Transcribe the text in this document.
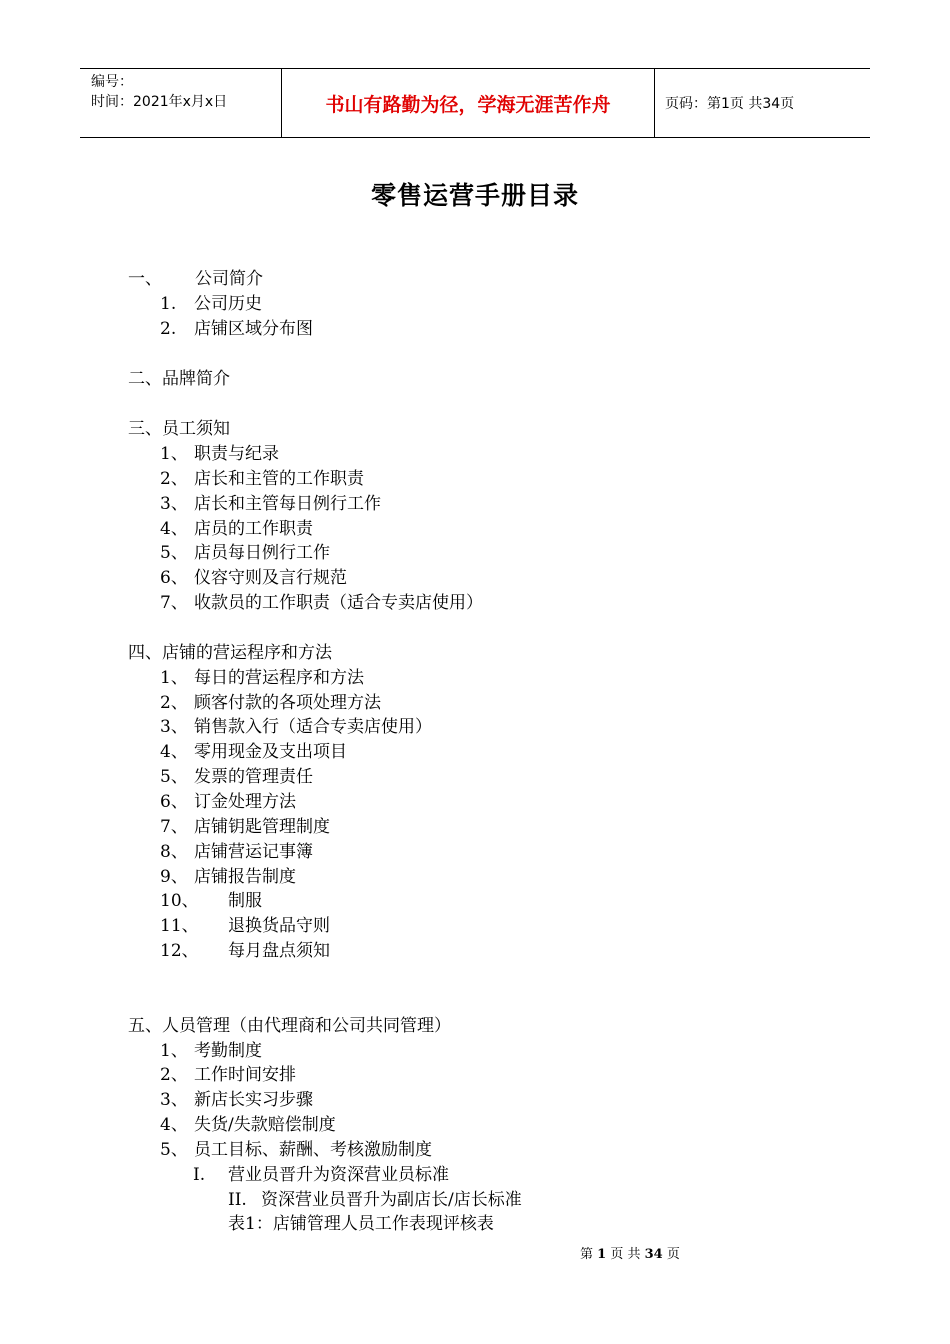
编号：
时间：2021年x月x日	书山有路勤为径，学海无涯苦作舟	页码：第1页 共34页
零售运营手册目录
一、 公司简介
1. 公司历史
2. 店铺区域分布图
二、品牌简介
三、员工须知
1、 职责与纪录
2、 店长和主管的工作职责
3、 店长和主管每日例行工作
4、 店员的工作职责
5、 店员每日例行工作
6、 仪容守则及言行规范
7、 收款员的工作职责（适合专卖店使用）
四、店铺的营运程序和方法
1、 每日的营运程序和方法
2、 顾客付款的各项处理方法
3、 销售款入行（适合专卖店使用）
4、 零用现金及支出项目
5、 发票的管理责任
6、 订金处理方法
7、 店铺钥匙管理制度
8、 店铺营运记事簿
9、 店铺报告制度
10、 制服
11、 退换货品守则
12、 每月盘点须知
五、人员管理（由代理商和公司共同管理）
1、 考勤制度
2、 工作时间安排
3、 新店长实习步骤
4、 失货/失款赔偿制度
5、 员工目标、薪酬、考核激励制度
I. 营业员晋升为资深营业员标准
II. 资深营业员晋升为副店长/店长标准
表1：店铺管理人员工作表现评核表
第 1 页 共 34 页
